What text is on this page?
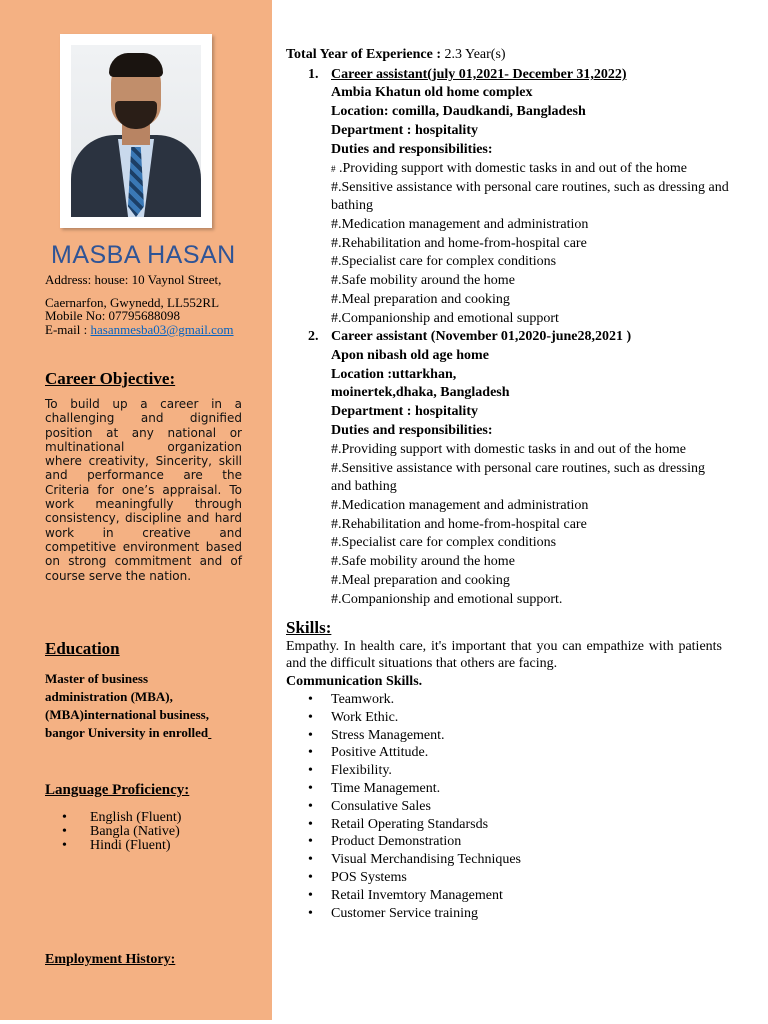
MASBA HASAN
Address: house: 10 Vaynol Street,
Caernarfon, Gwynedd, LL552RL
Mobile No: 07795688098
E-mail : hasanmesba03@gmail.com
Career Objective:
To build up a career in a challenging and dignified position at any national or multinational organization where creativity, Sincerity, skill and performance are the Criteria for one’s appraisal. To work meaningfully through consistency, discipline and hard work in creative and competitive environment based on strong commitment and of course serve the nation.
Education
Master of business
administration (MBA),
(MBA)international business,
bangor University in enrolled
Language Proficiency:
• English (Fluent)
• Bangla (Native)
• Hindi (Fluent)
Employment History:
Total Year of Experience : 2.3 Year(s)
1. Career assistant(july 01,2021- December 31,2022)
Ambia Khatun old home complex
Location: comilla, Daudkandi, Bangladesh
Department : hospitality
Duties and responsibilities:
# .Providing support with domestic tasks in and out of the home
#.Sensitive assistance with personal care routines, such as dressing and
bathing
#.Medication management and administration
#.Rehabilitation and home-from-hospital care
#.Specialist care for complex conditions
#.Safe mobility around the home
#.Meal preparation and cooking
#.Companionship and emotional support
2. Career assistant (November 01,2020-june28,2021 )
Apon nibash old age home
Location :uttarkhan,
moinertek,dhaka, Bangladesh
Department : hospitality
Duties and responsibilities:
#.Providing support with domestic tasks in and out of the home
#.Sensitive assistance with personal care routines, such as dressing
and bathing
#.Medication management and administration
#.Rehabilitation and home-from-hospital care
#.Specialist care for complex conditions
#.Safe mobility around the home
#.Meal preparation and cooking
#.Companionship and emotional support.
Skills:
Empathy. In health care, it's important that you can empathize with patients and the difficult situations that others are facing.
Communication Skills.
• Teamwork.
• Work Ethic.
• Stress Management.
• Positive Attitude.
• Flexibility.
• Time Management.
• Consulative Sales
• Retail Operating Standarsds
• Product Demonstration
• Visual Merchandising Techniques
• POS Systems
• Retail Invemtory Management
• Customer Service training
